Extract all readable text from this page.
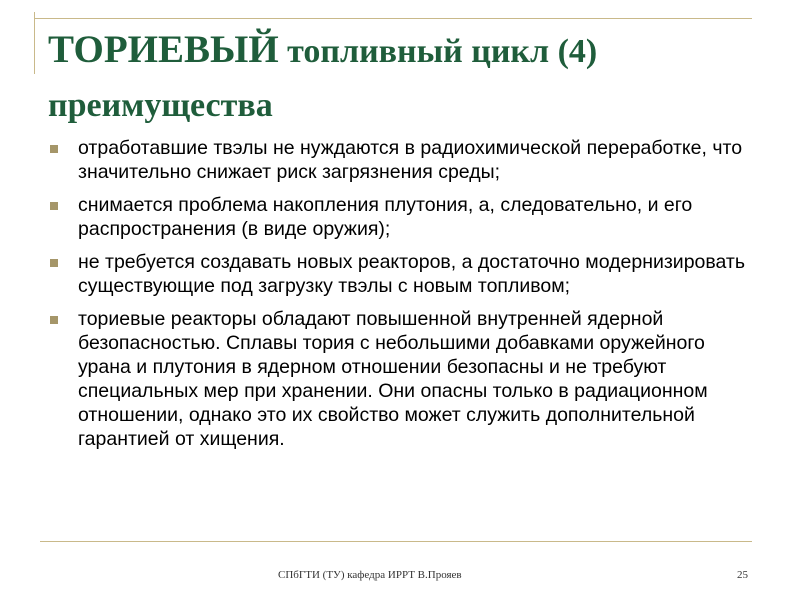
ТОРИЕВЫЙ топливный цикл (4) преимущества
отработавшие твэлы не нуждаются в радиохимической переработке, что значительно снижает риск загрязнения среды;
снимается проблема накопления плутония, а, следовательно, и его распространения (в виде оружия);
не требуется создавать новых реакторов, а достаточно модернизировать существующие под загрузку твэлы с новым топливом;
ториевые реакторы обладают повышенной внутренней ядерной безопасностью. Сплавы тория с небольшими добавками оружейного урана и плутония в ядерном отношении безопасны и не требуют специальных мер при хранении. Они опасны только в радиационном отношении, однако это их свойство может служить дополнительной гарантией от хищения.
СПбГТИ (ТУ) кафедра ИРРТ В.Прояев	25
